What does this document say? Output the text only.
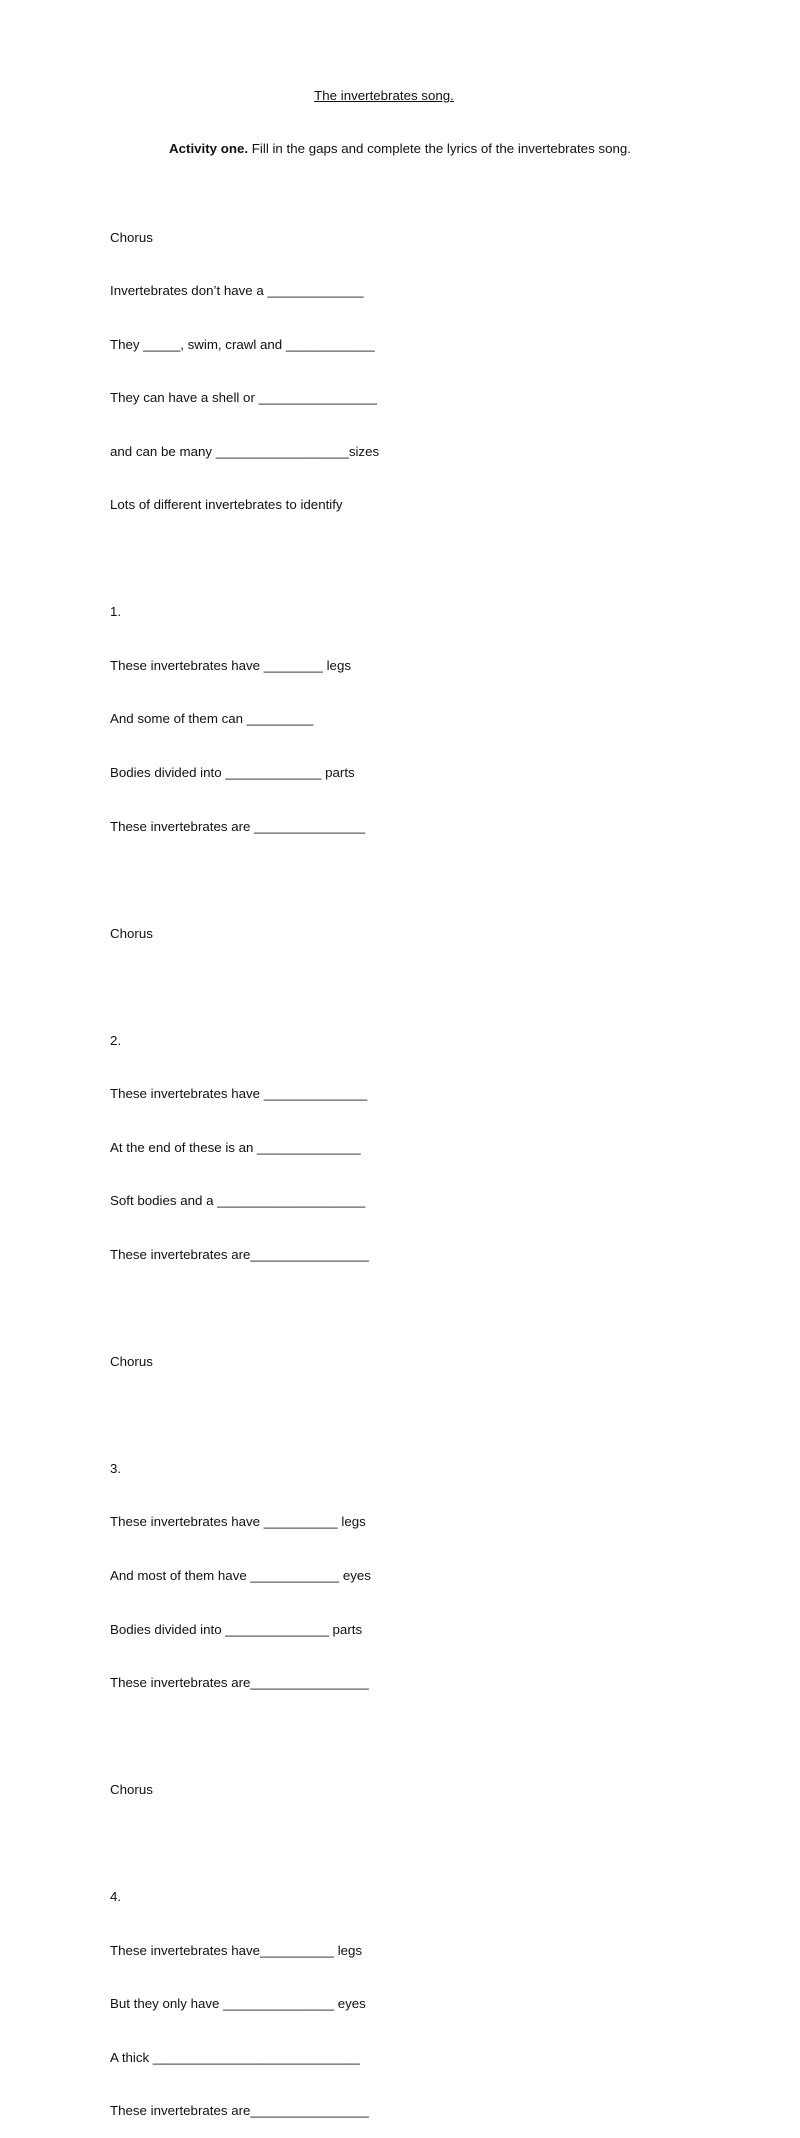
The invertebrates song.
Activity one. Fill in the gaps and complete the lyrics of the invertebrates song.

Chorus

Invertebrates don’t have a _____________

They _____, swim, crawl and ____________

They can have a shell or ________________

and can be many __________________sizes

Lots of different invertebrates to identify

1.

These invertebrates have ________ legs

And some of them can _________

Bodies divided into _____________ parts

These invertebrates are _______________

Chorus

2.

These invertebrates have ______________

At the end of these is an ______________

Soft bodies and a ____________________

These invertebrates are________________

Chorus

3.

These invertebrates have __________ legs

And most of them have ____________ eyes

Bodies divided into ______________ parts

These invertebrates are________________

Chorus

4.

These invertebrates have__________ legs

But they only have _______________ eyes

A thick ____________________________

These invertebrates are________________
